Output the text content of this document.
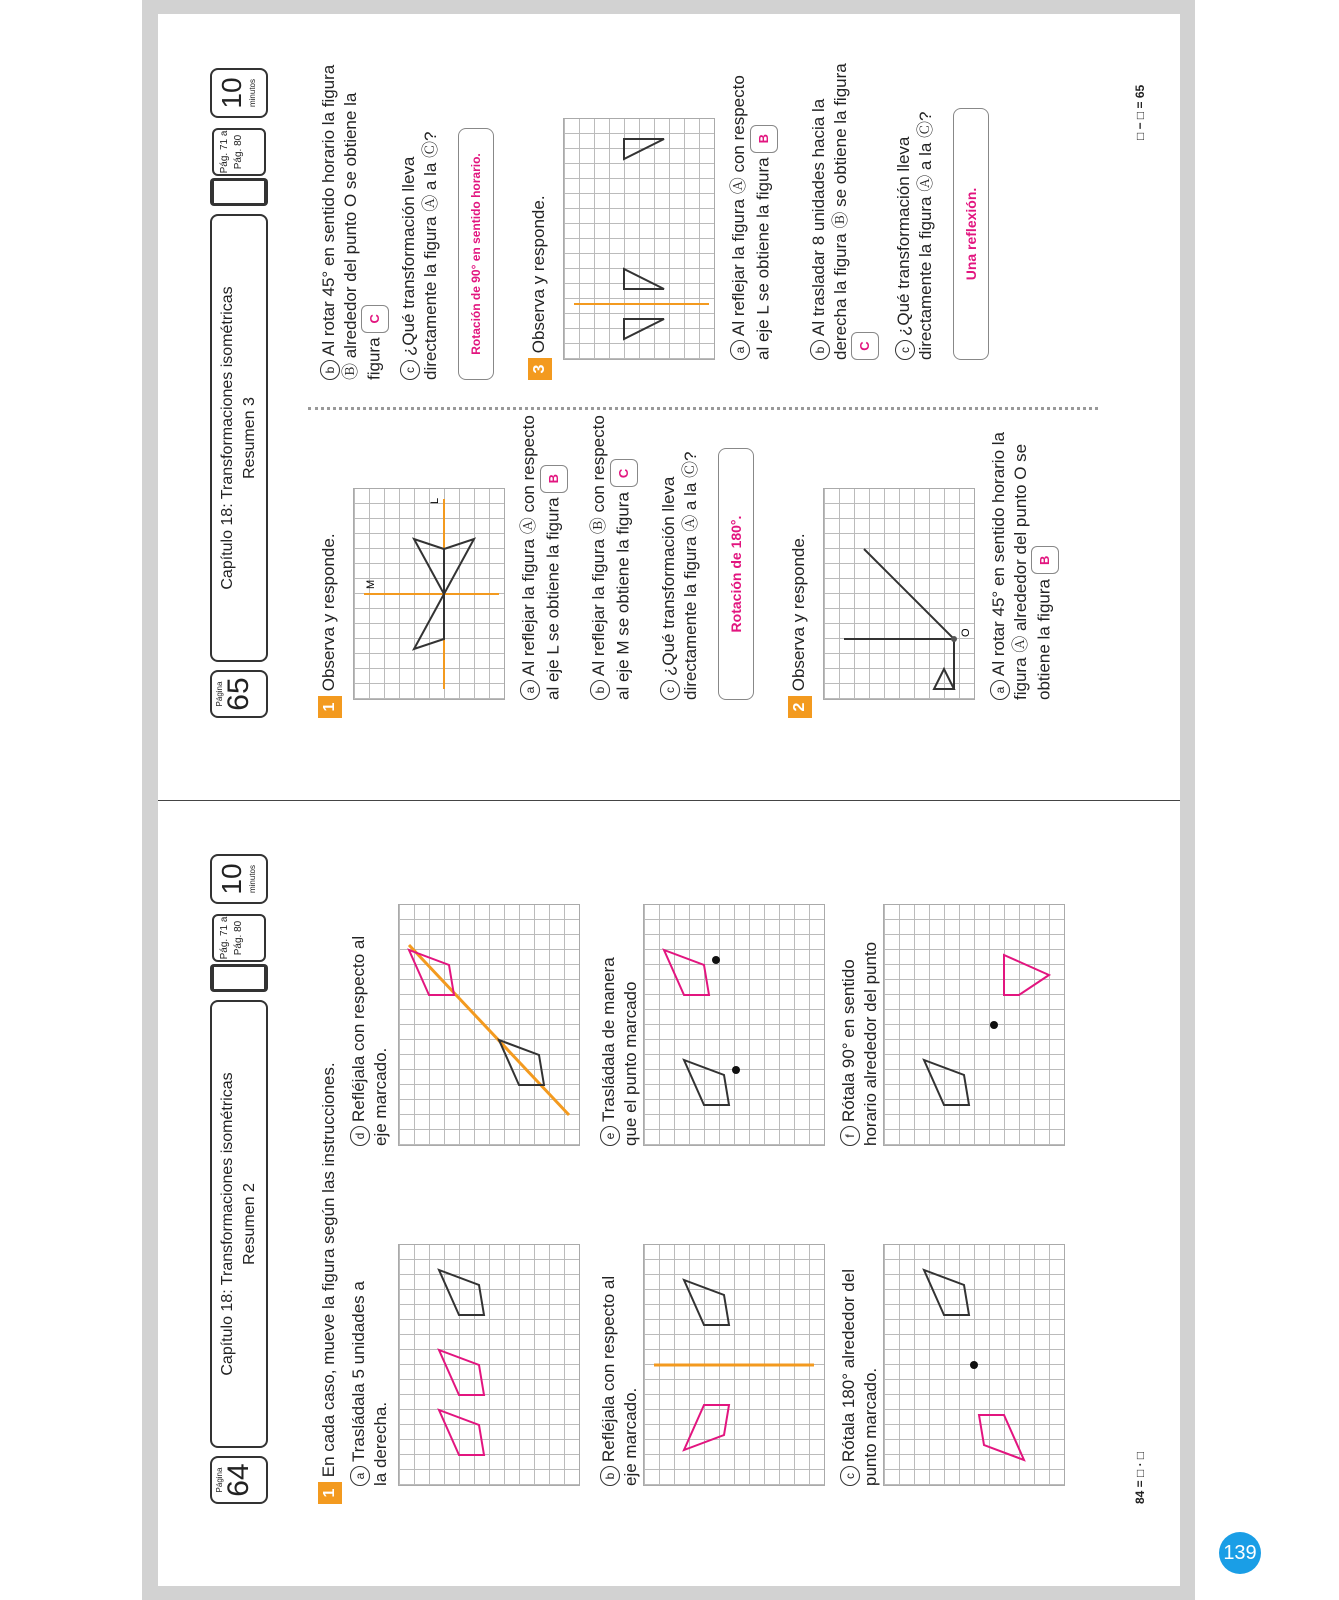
Página
64
Capítulo 18: Transformaciones isométricas Resumen 2
Pág. 71 a Pág. 80
10 minutos
1 En cada caso, mueve la figura según las instrucciones.	aTrasládala 5 unidades a la derecha.	bRefléjala con respecto al eje marcado.	cRótala 180° alrededor del punto marcado.
dRefléjala con respecto al eje marcado.	eTrasládala de manera que el punto marcado
fRótala 90° en sentido horario alrededor del punto
84 = □ · □
Página
65
Capítulo 18: Transformaciones isométricas Resumen 3
Pág. 71 a Pág. 80
10 minutos
1 Observa y responde.
L
M
aAl reflejar la figura Ⓐ con respecto al eje L se obtiene la figura B
bAl reflejar la figura Ⓑ con respecto al eje M se obtiene la figura C
c¿Qué transformación lleva directamente la figura Ⓐ a la Ⓒ?	Rotación de 180°.
2 Observa y responde.	O
aAl rotar 45° en sentido horario la figura Ⓐ alrededor del punto O se obtiene la figura B
bAl rotar 45° en sentido horario la figura Ⓑ alrededor del punto O se obtiene la figura C
c¿Qué transformación lleva directamente la figura Ⓐ a la Ⓒ?	Rotación de 90° en sentido horario.
3 Observa y responde.	aAl reflejar la figura Ⓐ con respecto al eje L se obtiene la figura B
bAl trasladar 8 unidades hacia la derecha la figura Ⓑ se obtiene la figura C	c¿Qué transformación lleva directamente la figura Ⓐ a la Ⓒ?	Una reflexión.
□ − □ = 65
139
